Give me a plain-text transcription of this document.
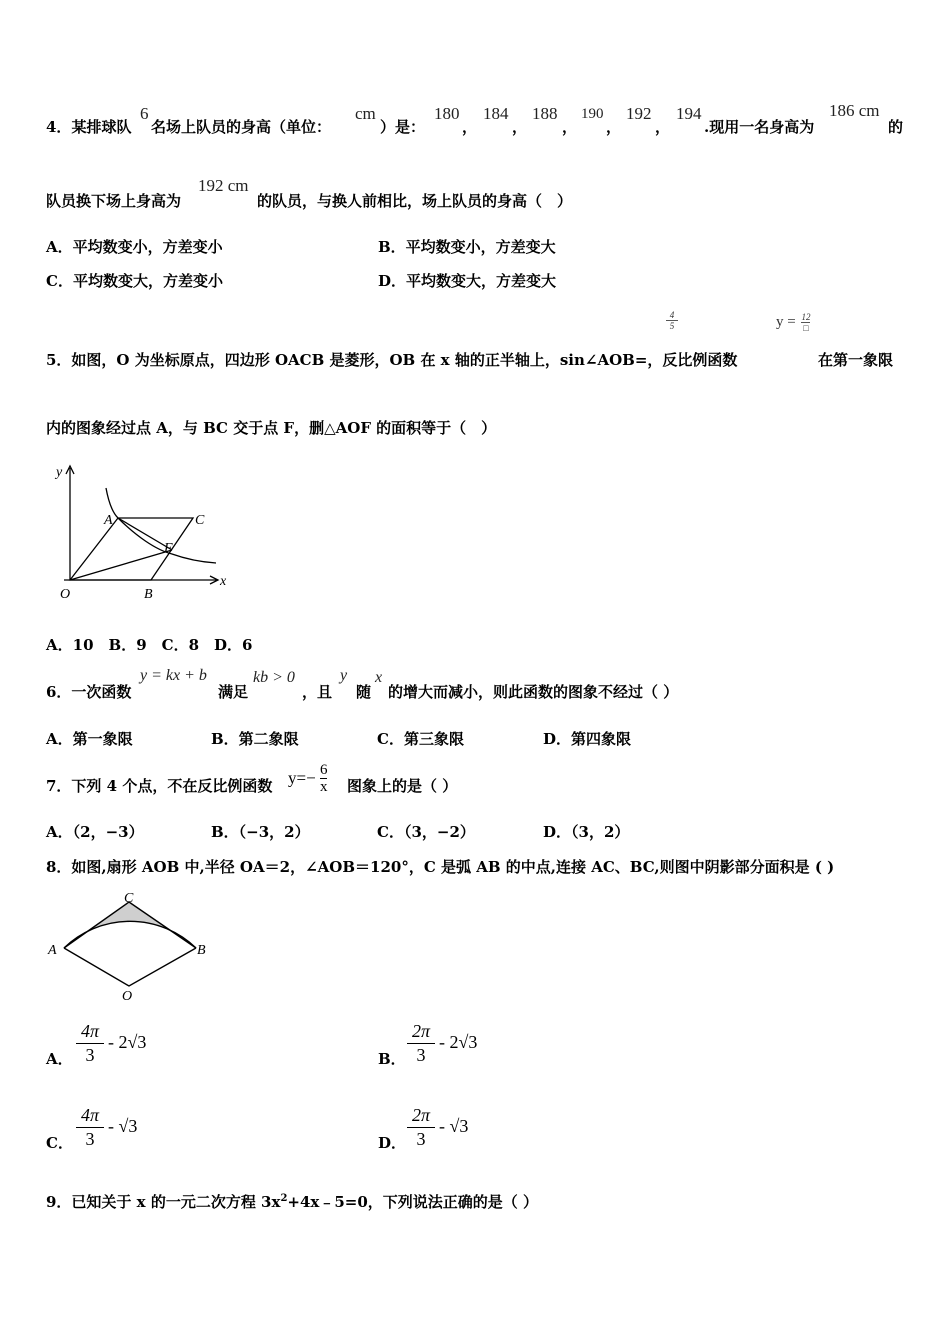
4．某排球队
6
名场上队员的身高（单位：
cm
）是：
180
，
184
，
188
，
190
，
192
，
194
.现用一名身高为
186 cm
的
队员换下场上身高为
192 cm
的队员，与换人前相比，场上队员的身高（　）
A．平均数变小，方差变小	B．平均数变小，方差变大
C．平均数变大，方差变小	D．平均数变大，方差变大
$\frac{4}{5}$	y = 12
□
5．如图，O 为坐标原点，四边形 OACB 是菱形，OB 在 x 轴的正半轴上，sin∠AOB=，反比例函数	在第一象限
内的图象经过点 A，与 BC 交于点 F，删△AOF 的面积等于（　）
y
x
O
A
B
C
F
A．10　B．9　C．8　D．6
6．一次函数
y = kx + b
满足
kb > 0
，且
y
随
x
的增大而减小，则此函数的图象不经过（ ）
A．第一象限	B．第二象限	C．第三象限	D．第四象限
7．下列 4 个点，不在反比例函数 $y=- \frac{6}{x}$ 图象上的是（ ）
A．（2，−3）	B．（−3，2）	C．（3，−2）	D．（3，2）
8．如图,扇形 AOB 中,半径 OA＝2，∠AOB＝120°，C 是弧 AB 的中点,连接 AC、BC,则图中阴影部分面积是 ( )
A	B
C
O
A．
4π
3
- 2√3
B．
2π
3
- 2√3
C．
4π
3
- √3
D．
2π
3
- √3
9．已知关于 x 的一元二次方程 $3x^2+4x﹣5=0$，下列说法正确的是（ ）
